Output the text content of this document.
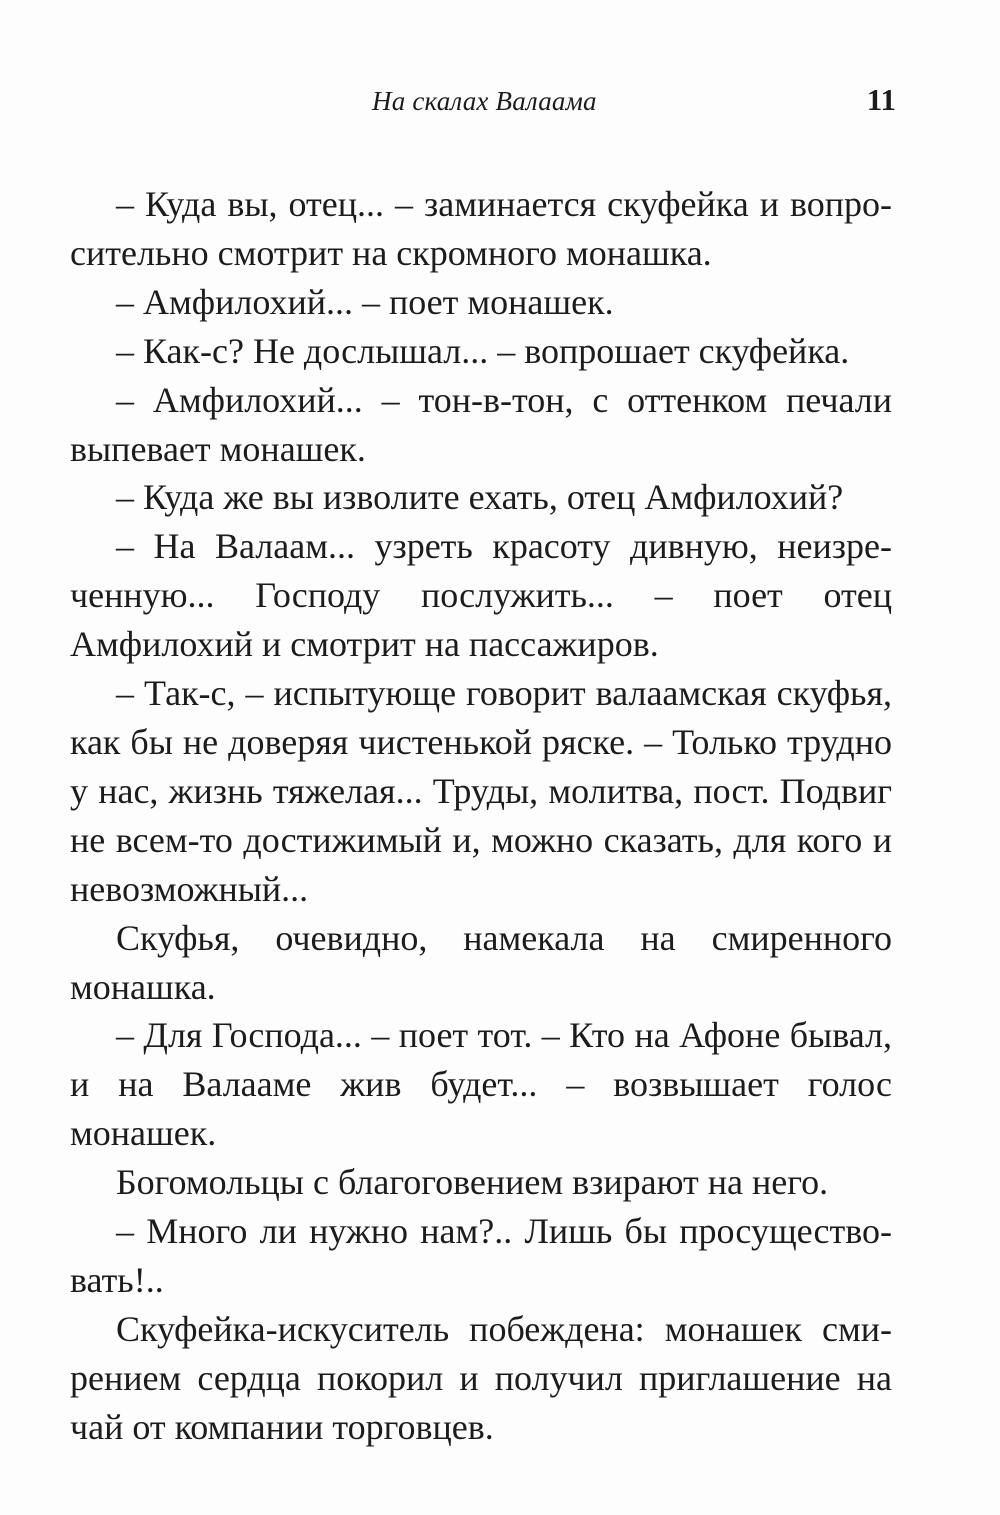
На скалах Валаама	11

– Куда вы, отец... – заминается скуфейка и вопросительно смотрит на скромного монашка.

– Амфилохий... – поет монашек.

– Как-с? Не дослышал... – вопрошает скуфейка.

– Амфилохий... – тон-в-тон, с оттенком печали выпевает монашек.

– Куда же вы изволите ехать, отец Амфилохий?

– На Валаам... узреть красоту дивную, неизреченную... Господу послужить... – поет отец Амфилохий и смотрит на пассажиров.

– Так-с, – испытующе говорит валаамская скуфья, как бы не доверяя чистенькой ряске. – Только трудно у нас, жизнь тяжелая... Труды, молитва, пост. Подвиг не всем-то достижимый и, можно сказать, для кого и невозможный...

Скуфья, очевидно, намекала на смиренного монашка.

– Для Господа... – поет тот. – Кто на Афоне бывал, и на Валааме жив будет... – возвышает голос монашек.

Богомольцы с благоговением взирают на него.

– Много ли нужно нам?.. Лишь бы просуществовать!..

Скуфейка-искуситель побеждена: монашек смирением сердца покорил и получил приглашение на чай от компании торговцев.
